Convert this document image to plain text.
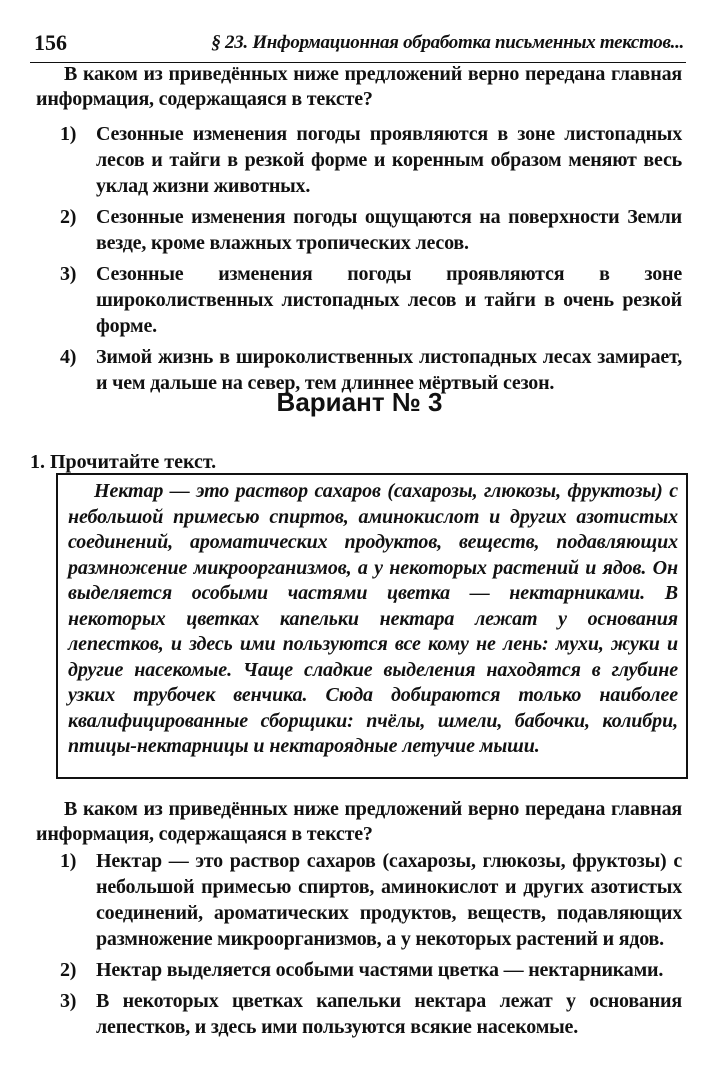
156	§ 23. Информационная обработка письменных текстов...

В каком из приведённых ниже предложений верно передана главная информация, содержащаяся в тексте?

1) Сезонные изменения погоды проявляются в зоне листопадных лесов и тайги в резкой форме и коренным образом меняют весь уклад жизни животных.
2) Сезонные изменения погоды ощущаются на поверхности Земли везде, кроме влажных тропических лесов.
3) Сезонные изменения погоды проявляются в зоне широколиственных листопадных лесов и тайги в очень резкой форме.
4) Зимой жизнь в широколиственных листопадных лесах замирает, и чем дальше на север, тем длиннее мёртвый сезон.
Вариант № 3
1. Прочитайте текст.
Нектар — это раствор сахаров (сахарозы, глюкозы, фруктозы) с небольшой примесью спиртов, аминокислот и других азотистых соединений, ароматических продуктов, веществ, подавляющих размножение микроорганизмов, а у некоторых растений и ядов. Он выделяется особыми частями цветка — нектарниками. В некоторых цветках капельки нектара лежат у основания лепестков, и здесь ими пользуются все кому не лень: мухи, жуки и другие насекомые. Чаще сладкие выделения находятся в глубине узких трубочек венчика. Сюда добираются только наиболее квалифицированные сборщики: пчёлы, шмели, бабочки, колибри, птицы-нектарницы и нектароядные летучие мыши.

В каком из приведённых ниже предложений верно передана главная информация, содержащаяся в тексте?

1) Нектар — это раствор сахаров (сахарозы, глюкозы, фруктозы) с небольшой примесью спиртов, аминокислот и других азотистых соединений, ароматических продуктов, веществ, подавляющих размножение микроорганизмов, а у некоторых растений и ядов.
2) Нектар выделяется особыми частями цветка — нектарниками.
3) В некоторых цветках капельки нектара лежат у основания лепестков, и здесь ими пользуются всякие насекомые.
